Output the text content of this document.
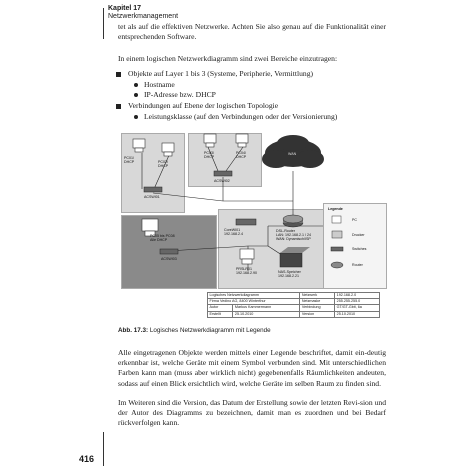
Kapitel 17
Netzwerkmanagement
tet als auf die effektiven Netzwerke. Achten Sie also genau auf die Funktionalität einer entsprechenden Software.
In einem logischen Netzwerkdiagramm sind zwei Bereiche einzutragen:
Objekte auf Layer 1 bis 3 (Systeme, Peripherie, Vermittlung)
Hostname
IP-Adresse bzw. DHCP
Verbindungen auf Ebene der logischen Topologie
Leistungsklasse (auf den Verbindungen oder der Versionierung)
PC01/
DHCP	PC02/
DHCP
ACSWI01
PC03/
DHCP
PC04/
DHCP
ACSWI02
WAN
PC05 bis PC08
Alle DHCP
ACSWI03
CoreWI01
192.168.2.4
DSL-Router
LAN: 192.168.2.1 / 24
WAN: Dynamisch/ISP
PRSLR01
192.168.2.90	NAS-Speicher
192.168.2.21
Legende
PC
Drucker
Switches
Router
Logisches Netzwerkdiagramm		Netzwerk	192.168.2.0
Firma Vedino AG, 8400 Winterthur		Netzmaske	255.255.255.0
Autor	Markus Kammermann	Verbindung	GT/GT-Gbit, 6a
Erstellt	25.10.2010	Version	25.10.2010
Abb. 17.3: Logisches Netzwerkdiagramm mit Legende
Alle eingetragenen Objekte werden mittels einer Legende beschriftet, damit ein-deutig erkennbar ist, welche Geräte mit einem Symbol verbunden sind. Mit unterschiedlichen Farben kann man (muss aber wirklich nicht) gegebenenfalls Räumlichkeiten andeuten, sodass auf einen Blick ersichtlich wird, welche Geräte im selben Raum zu finden sind.
Im Weiteren sind die Version, das Datum der Erstellung sowie der letzten Revi-sion und der Autor des Diagramms zu bezeichnen, damit man es zuordnen und bei Bedarf rückverfolgen kann.
416
